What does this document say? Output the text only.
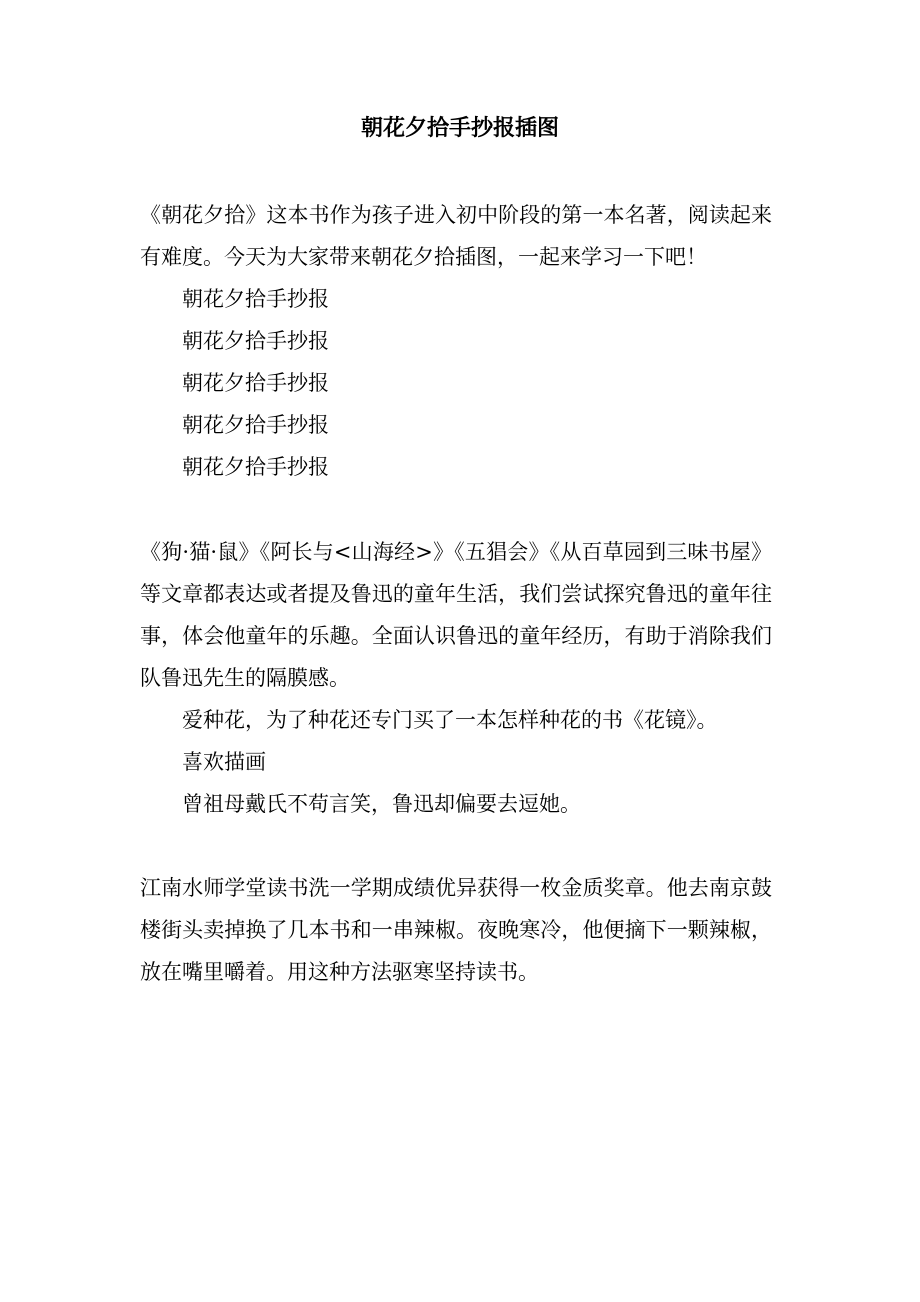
朝花夕拾手抄报插图

《朝花夕拾》这本书作为孩子进入初中阶段的第一本名著，阅读起来有难度。今天为大家带来朝花夕拾插图，一起来学习一下吧！

朝花夕拾手抄报

朝花夕拾手抄报

朝花夕拾手抄报

朝花夕拾手抄报

朝花夕拾手抄报

《狗·猫·鼠》《阿长与<山海经>》《五猖会》《从百草园到三味书屋》等文章都表达或者提及鲁迅的童年生活，我们尝试探究鲁迅的童年往事，体会他童年的乐趣。全面认识鲁迅的童年经历，有助于消除我们队鲁迅先生的隔膜感。

爱种花，为了种花还专门买了一本怎样种花的书《花镜》。

喜欢描画

曾祖母戴氏不苟言笑，鲁迅却偏要去逗她。

江南水师学堂读书洗一学期成绩优异获得一枚金质奖章。他去南京鼓楼街头卖掉换了几本书和一串辣椒。夜晚寒冷，他便摘下一颗辣椒，放在嘴里嚼着。用这种方法驱寒坚持读书。
